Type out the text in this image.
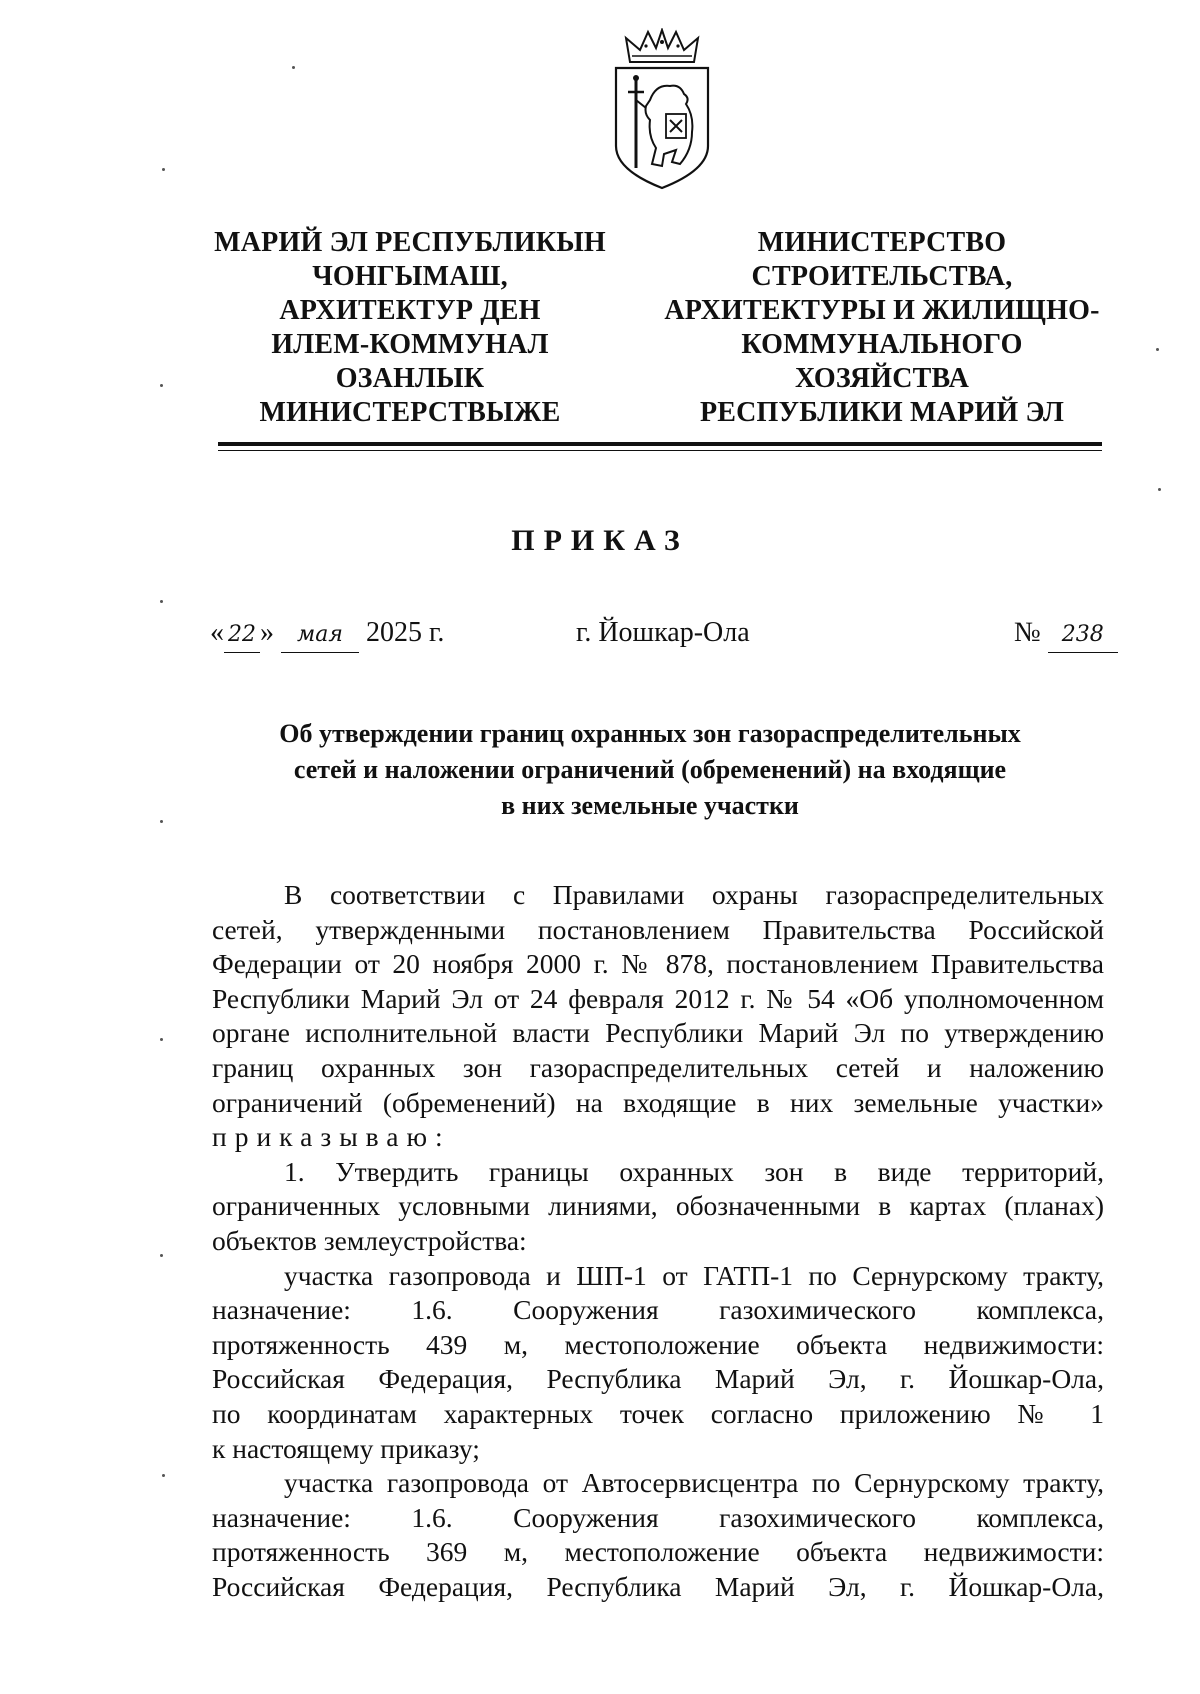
МАРИЙ ЭЛ РЕСПУБЛИКЫН
ЧОНГЫМАШ,
АРХИТЕКТУР ДЕН
ИЛЕМ-КОММУНАЛ
ОЗАНЛЫК
МИНИСТЕРСТВЫЖЕ
МИНИСТЕРСТВО
СТРОИТЕЛЬСТВА,
АРХИТЕКТУРЫ И ЖИЛИЩНО-
КОММУНАЛЬНОГО
ХОЗЯЙСТВА
РЕСПУБЛИКИ МАРИЙ ЭЛ
ПРИКАЗ
« 22 » мая 2025 г.	г. Йошкар-Ола	№ 238
Об утверждении границ охранных зон газораспределительных
сетей и наложении ограничений (обременений) на входящие
в них земельные участки
В соответствии с Правилами охраны газораспределительных
сетей, утвержденными постановлением Правительства Российской
Федерации от 20 ноября 2000 г. № 878, постановлением Правительства
Республики Марий Эл от 24 февраля 2012 г. № 54 «Об уполномоченном
органе исполнительной власти Республики Марий Эл по утверждению
границ охранных зон газораспределительных сетей и наложению
ограничений (обременений) на входящие в них земельные участки»
приказываю:
1. Утвердить границы охранных зон в виде территорий,
ограниченных условными линиями, обозначенными в картах (планах)
объектов землеустройства:
участка газопровода и ШП-1 от ГАТП-1 по Сернурскому тракту,
назначение: 1.6. Сооружения газохимического комплекса,
протяженность 439 м, местоположение объекта недвижимости:
Российская Федерация, Республика Марий Эл, г. Йошкар-Ола,
по координатам характерных точек согласно приложению № 1
к настоящему приказу;
участка газопровода от Автосервисцентра по Сернурскому тракту,
назначение: 1.6. Сооружения газохимического комплекса,
протяженность 369 м, местоположение объекта недвижимости:
Российская Федерация, Республика Марий Эл, г. Йошкар-Ола,
